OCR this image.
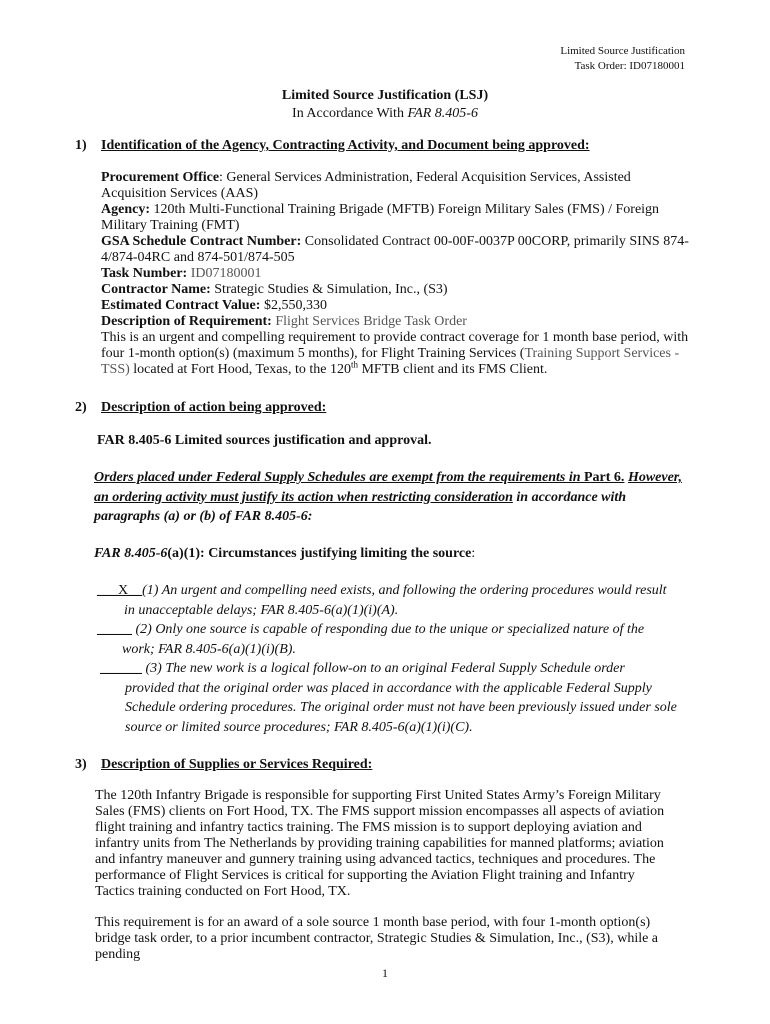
Limited Source Justification
Task Order: ID07180001
Limited Source Justification (LSJ)
In Accordance With FAR 8.405-6
1) Identification of the Agency, Contracting Activity, and Document being approved:
Procurement Office: General Services Administration, Federal Acquisition Services, Assisted Acquisition Services (AAS)
Agency: 120th Multi-Functional Training Brigade (MFTB) Foreign Military Sales (FMS) / Foreign Military Training (FMT)
GSA Schedule Contract Number: Consolidated Contract 00-00F-0037P 00CORP, primarily SINS 874-4/874-04RC and 874-501/874-505
Task Number: ID07180001
Contractor Name: Strategic Studies & Simulation, Inc., (S3)
Estimated Contract Value: $2,550,330
Description of Requirement: Flight Services Bridge Task Order
This is an urgent and compelling requirement to provide contract coverage for 1 month base period, with four 1-month option(s) (maximum 5 months), for Flight Training Services (Training Support Services - TSS) located at Fort Hood, Texas, to the 120th MFTB client and its FMS Client.
2) Description of action being approved:
FAR 8.405-6 Limited sources justification and approval.
Orders placed under Federal Supply Schedules are exempt from the requirements in Part 6. However, an ordering activity must justify its action when restricting consideration in accordance with paragraphs (a) or (b) of FAR 8.405-6:
FAR 8.405-6(a)(1): Circumstances justifying limiting the source:
___X__(1) An urgent and compelling need exists, and following the ordering procedures would result
in unacceptable delays; FAR 8.405-6(a)(1)(i)(A).
_____ (2) Only one source is capable of responding due to the unique or specialized nature of the
work; FAR 8.405-6(a)(1)(i)(B).
______ (3) The new work is a logical follow-on to an original Federal Supply Schedule order
provided that the original order was placed in accordance with the applicable Federal Supply
Schedule ordering procedures. The original order must not have been previously issued under sole
source or limited source procedures; FAR 8.405-6(a)(1)(i)(C).
3) Description of Supplies or Services Required:
The 120th Infantry Brigade is responsible for supporting First United States Army’s Foreign Military Sales (FMS) clients on Fort Hood, TX. The FMS support mission encompasses all aspects of aviation flight training and infantry tactics training. The FMS mission is to support deploying aviation and infantry units from The Netherlands by providing training capabilities for manned platforms; aviation and infantry maneuver and gunnery training using advanced tactics, techniques and procedures. The performance of Flight Services is critical for supporting the Aviation Flight training and Infantry Tactics training conducted on Fort Hood, TX.
This requirement is for an award of a sole source 1 month base period, with four 1-month option(s) bridge task order, to a prior incumbent contractor, Strategic Studies & Simulation, Inc., (S3), while a pending
1
